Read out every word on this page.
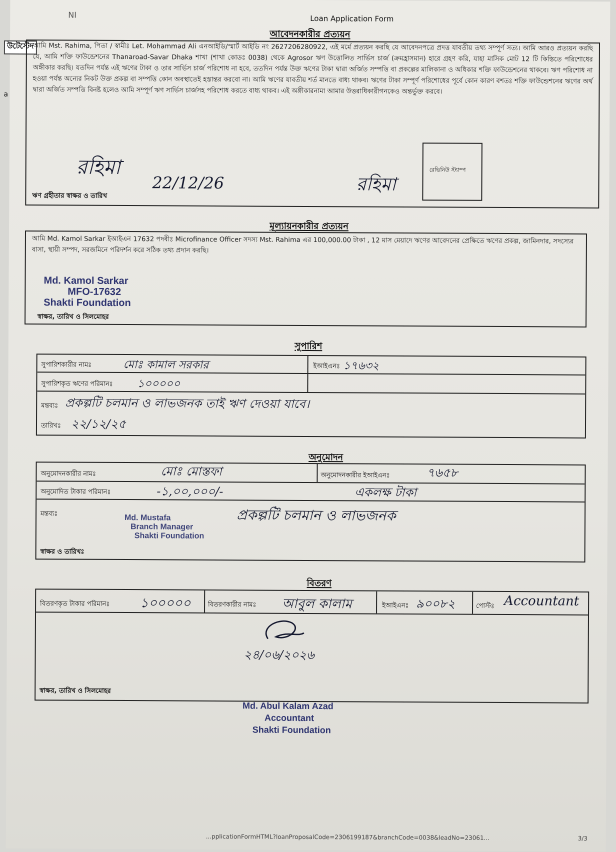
NI	Loan Application Form
উটেস্টেদ
a
আবেদনকারীর প্রত্যয়ন
আমি Mst. Rahima, পিতা / স্বামীঃ Let. Mohammad Ali এনআইডি/স্মার্ট আইডি নং 2627206280922, এই মর্মে প্রত্যয়ন করছি যে আবেদনপত্রে প্রদত্ত যাবতীয় তথ্য সম্পূর্ণ সত্য। আমি আরও প্রত্যয়ন করছি যে, আমি শক্তি ফাউন্ডেশনের Thanaroad-Savar Dhaka শাখা (শাখা কোডঃ 0038) থেকে Agrosor ঋণ উত্তোলিত সার্ভিস চার্জ (ক্রমহ্রাসমান) হারে গ্রহণ করি, যাহা মাসিক মোট 12 টি কিস্তিতে পরিশোধের অঙ্গীকার করছি। যতদিন পর্যন্ত এই ঋণের টাকা ও তার সার্ভিস চার্জ পরিশোধ না হবে, ততদিন পর্যন্ত উক্ত ঋণের টাকা দ্বারা অর্জিত সম্পত্তি বা প্রকল্পের মালিকানা ও অধিকার শক্তি ফাউন্ডেশনের থাকবে। ঋণ পরিশোধ না হওয়া পর্যন্ত অন্যের নিকট উক্ত প্রকল্প বা সম্পত্তি কোন অবস্থাতেই হস্তান্তর করবো না। আমি ঋণের যাবতীয় শর্ত মানতে বাধ্য থাকব। ঋণের টাকা সম্পূর্ণ পরিশোধের পূর্বে কোন কারণ বশতঃ শক্তি ফাউন্ডেশনের ঋণের অর্থ দ্বারা অর্জিত সম্পত্তি বিনষ্ট হলেও আমি সম্পূর্ণ ঋণ সার্ভিস চার্জসহ পরিশোধ করতে বাধ্য থাকব। এই অঙ্গীকারনামা আমার উত্তরাধিকারীগনকেও অন্তর্ভুক্ত করবে।
রহিমা
22/12/26
ঋণ গ্রহীতার স্বাক্ষর ও তারিখ
রহিমা
রেভিনিউ স্ট্যাম্প
মূল্যায়নকারীর প্রত্যয়ন
আমি Md. Kamol Sarkar ইআইএন 17632 পদবীঃ Microfinance Officer সদস্য Mst. Rahima এর 100,000.00 টাকা , 12 মাস মেয়াদে ঋণের আবেদনের প্রেক্ষিতে ঋণের প্রকল্প, জামিনদার, সদস্যের বাসা, স্থায়ী সম্পদ, সরজমিনে পরিদর্শন করে সঠিক তথ্য প্রদান করছি।
Md. Kamol Sarkar
MFO-17632
Shakti Foundation
স্বাক্ষর, তারিখ ও সিলমোহর
সুপারিশ
সুপারিশকারীর নামঃ	মোঃ কামাল সরকার	ইআইএনঃ ১৭৬৩২
সুপারিশকৃত ঋণের পরিমানঃ ১০০০০০
মন্তব্যঃ প্রকল্পটি চলমান ও লাভজনক তাই ঋণ দেওয়া যাবে।
তারিখঃ ২২/১২/২৫
অনুমোদন
অনুমোদনকারীর নামঃ	মোঃ মোস্তফা	অনুমোদনকারীর ইআইএনঃ	৭৬৫৮
অনুমোদিত টাকার পরিমানঃ	-১,০০,০০০/-	একলক্ষ টাকা
মন্তব্যঃ	প্রকল্পটি চলমান ও লাভজনক
Md. Mustafa
Branch Manager
Shakti Foundation
স্বাক্ষর ও তারিখঃ
বিতরণ
বিতরণকৃত টাকার পরিমানঃ ১০০০০০	বিতরণকারীর নামঃ আবুল কালাম	ইআইএনঃ ৯০০৮২	পোস্টঃ Accountant
২৪/০৬/২০২৬
স্বাক্ষর, তারিখ ও সিলমোহর
Md. Abul Kalam Azad
Accountant
Shakti Foundation
...pplicationFormHTML?loanProposalCode=2306199187&branchCode=0038&leadNo=23061...	3/3
